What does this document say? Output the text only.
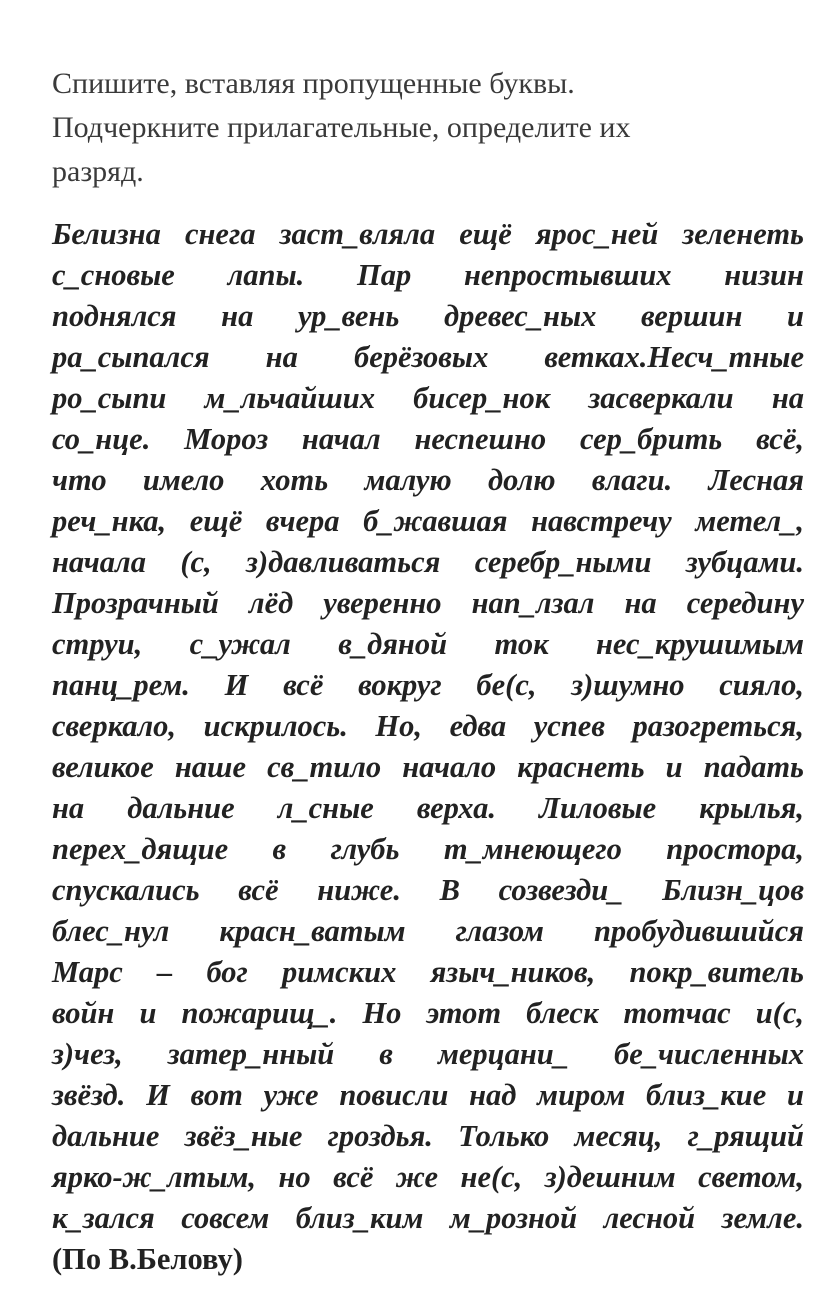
Спишите, вставляя пропущенные буквы.
Подчеркните прилагательные, определите их
разряд.
Белизна снега заст_вляла ещё ярос_ней зеленеть
с_сновые лапы. Пар непростывших низин
поднялся на ур_вень древес_ных вершин и
ра_сыпался на берёзовых ветках.Несч_тные
ро_сыпи м_льчайших бисер_нок засверкали на
со_нце. Мороз начал неспешно сер_брить всё,
что имело хоть малую долю влаги. Лесная
реч_нка, ещё вчера б_жавшая навстречу метел_,
начала (с, з)давливаться серебр_ными зубцами.
Прозрачный лёд уверенно нап_лзал на середину
струи, с_ужал в_дяной ток нес_крушимым
панц_рем. И всё вокруг бе(с, з)шумно сияло,
сверкало, искрилось. Но, едва успев разогреться,
великое наше св_тило начало краснеть и падать
на дальние л_сные верха. Лиловые крылья,
перех_дящие в глубь т_мнеющего простора,
спускались всё ниже. В созвезди_ Близн_цов
блес_нул красн_ватым глазом пробудившийся
Марс – бог римских языч_ников, покр_витель
войн и пожарищ_. Но этот блеск тотчас и(с,
з)чез, затер_нный в мерцани_ бе_численных
звёзд. И вот уже повисли над миром близ_кие и
дальние звёз_ные гроздья. Только месяц, г_рящий
ярко-ж_лтым, но всё же не(с, з)дешним светом,
к_зался совсем близ_ким м_розной лесной земле.
(По В.Белову)
